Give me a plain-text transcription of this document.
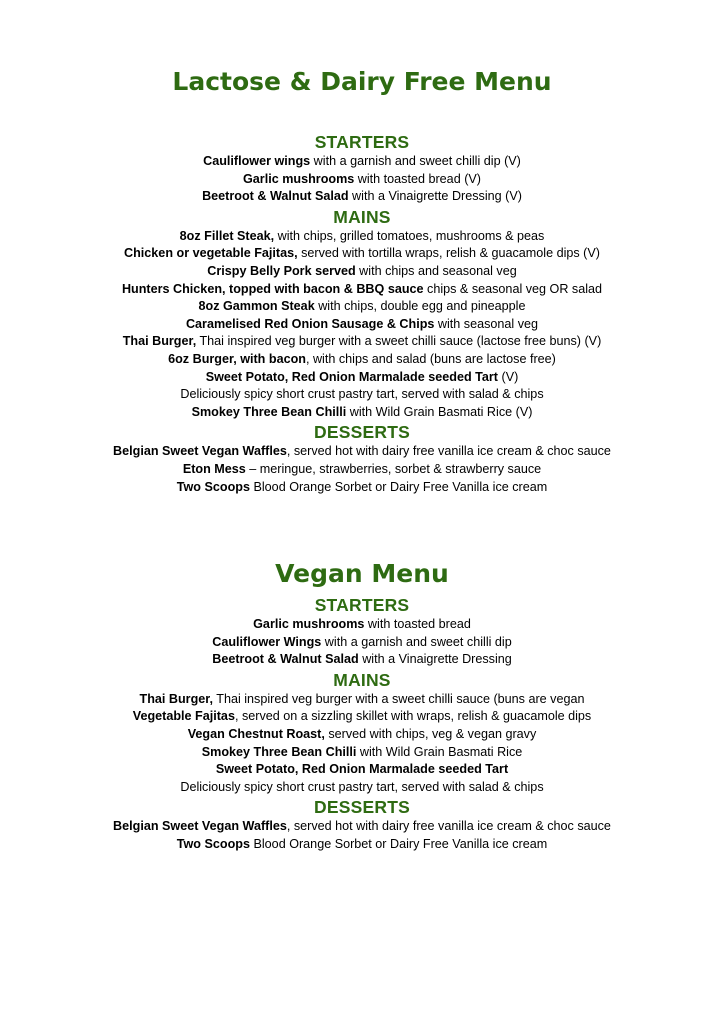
Lactose & Dairy Free Menu
STARTERS
Cauliflower wings with a garnish and sweet chilli dip (V)
Garlic mushrooms with toasted bread (V)
Beetroot & Walnut Salad with a Vinaigrette Dressing (V)
MAINS
8oz Fillet Steak, with chips, grilled tomatoes, mushrooms & peas
Chicken or vegetable Fajitas, served with tortilla wraps, relish & guacamole dips (V)
Crispy Belly Pork served with chips and seasonal veg
Hunters Chicken, topped with bacon & BBQ sauce chips & seasonal veg OR salad
8oz Gammon Steak with chips, double egg and pineapple
Caramelised Red Onion Sausage & Chips with seasonal veg
Thai Burger, Thai inspired veg burger with a sweet chilli sauce (lactose free buns) (V)
6oz Burger, with bacon, with chips and salad (buns are lactose free)
Sweet Potato, Red Onion Marmalade seeded Tart (V)
Deliciously spicy short crust pastry tart, served with salad & chips
Smokey Three Bean Chilli with Wild Grain Basmati Rice (V)
DESSERTS
Belgian Sweet Vegan Waffles, served hot with dairy free vanilla ice cream & choc sauce
Eton Mess – meringue, strawberries, sorbet & strawberry sauce
Two Scoops Blood Orange Sorbet or Dairy Free Vanilla ice cream
Vegan Menu
STARTERS
Garlic mushrooms with toasted bread
Cauliflower Wings with a garnish and sweet chilli dip
Beetroot & Walnut Salad with a Vinaigrette Dressing
MAINS
Thai Burger, Thai inspired veg burger with a sweet chilli sauce (buns are vegan
Vegetable Fajitas, served on a sizzling skillet with wraps, relish & guacamole dips
Vegan Chestnut Roast, served with chips, veg & vegan gravy
Smokey Three Bean Chilli with Wild Grain Basmati Rice
Sweet Potato, Red Onion Marmalade seeded Tart
Deliciously spicy short crust pastry tart, served with salad & chips
DESSERTS
Belgian Sweet Vegan Waffles, served hot with dairy free vanilla ice cream & choc sauce
Two Scoops Blood Orange Sorbet or Dairy Free Vanilla ice cream
